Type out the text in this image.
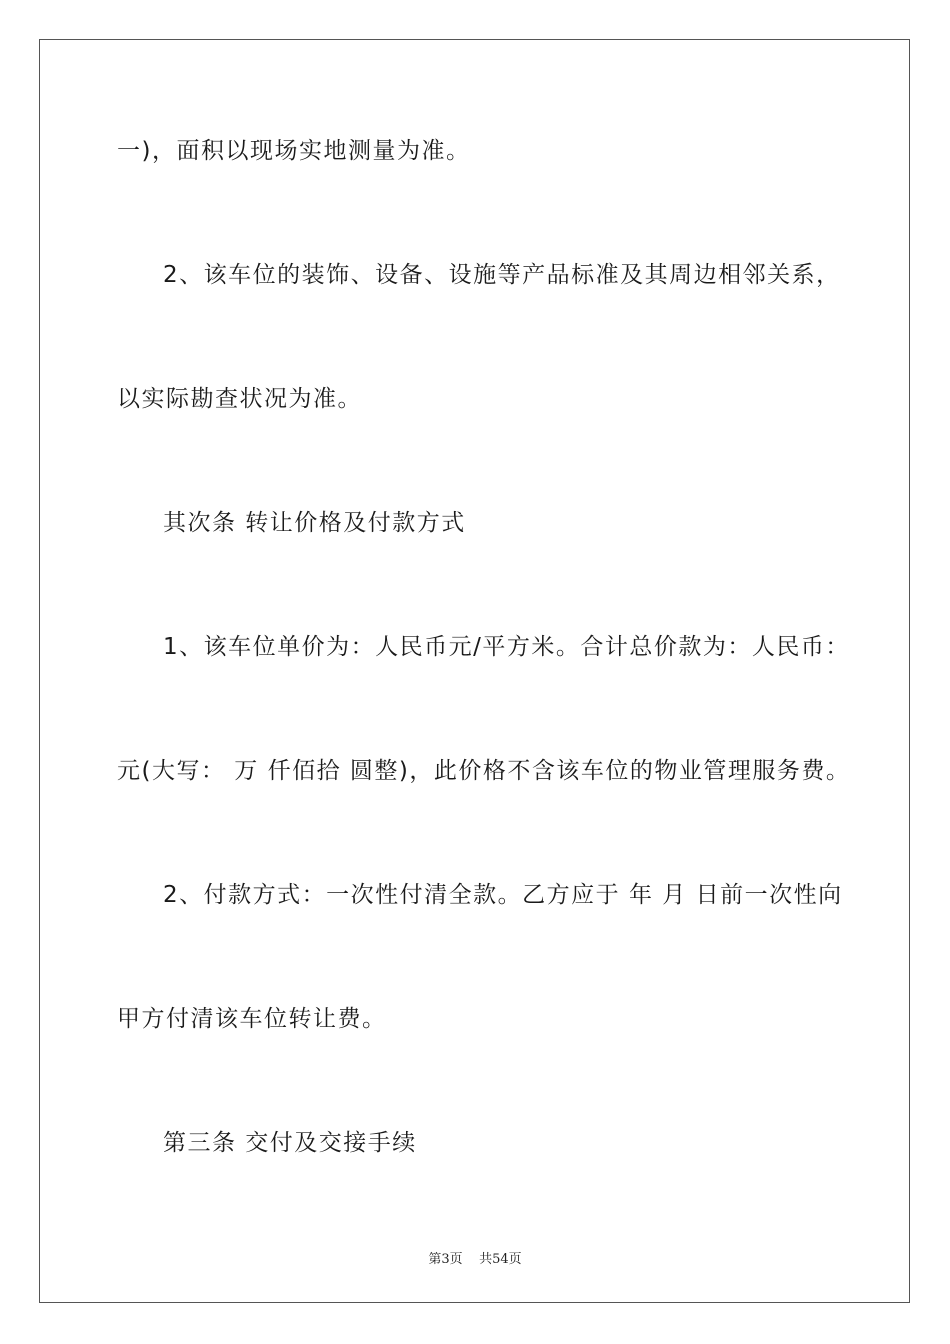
一)，面积以现场实地测量为准。
2、该车位的装饰、设备、设施等产品标准及其周边相邻关系，
以实际勘查状况为准。
其次条 转让价格及付款方式
1、该车位单价为：人民币元/平方米。合计总价款为：人民币：
元(大写： 万 仟佰拾 圆整)，此价格不含该车位的物业管理服务费。
2、付款方式：一次性付清全款。乙方应于 年 月 日前一次性向
甲方付清该车位转让费。
第三条 交付及交接手续
第3页 共54页
